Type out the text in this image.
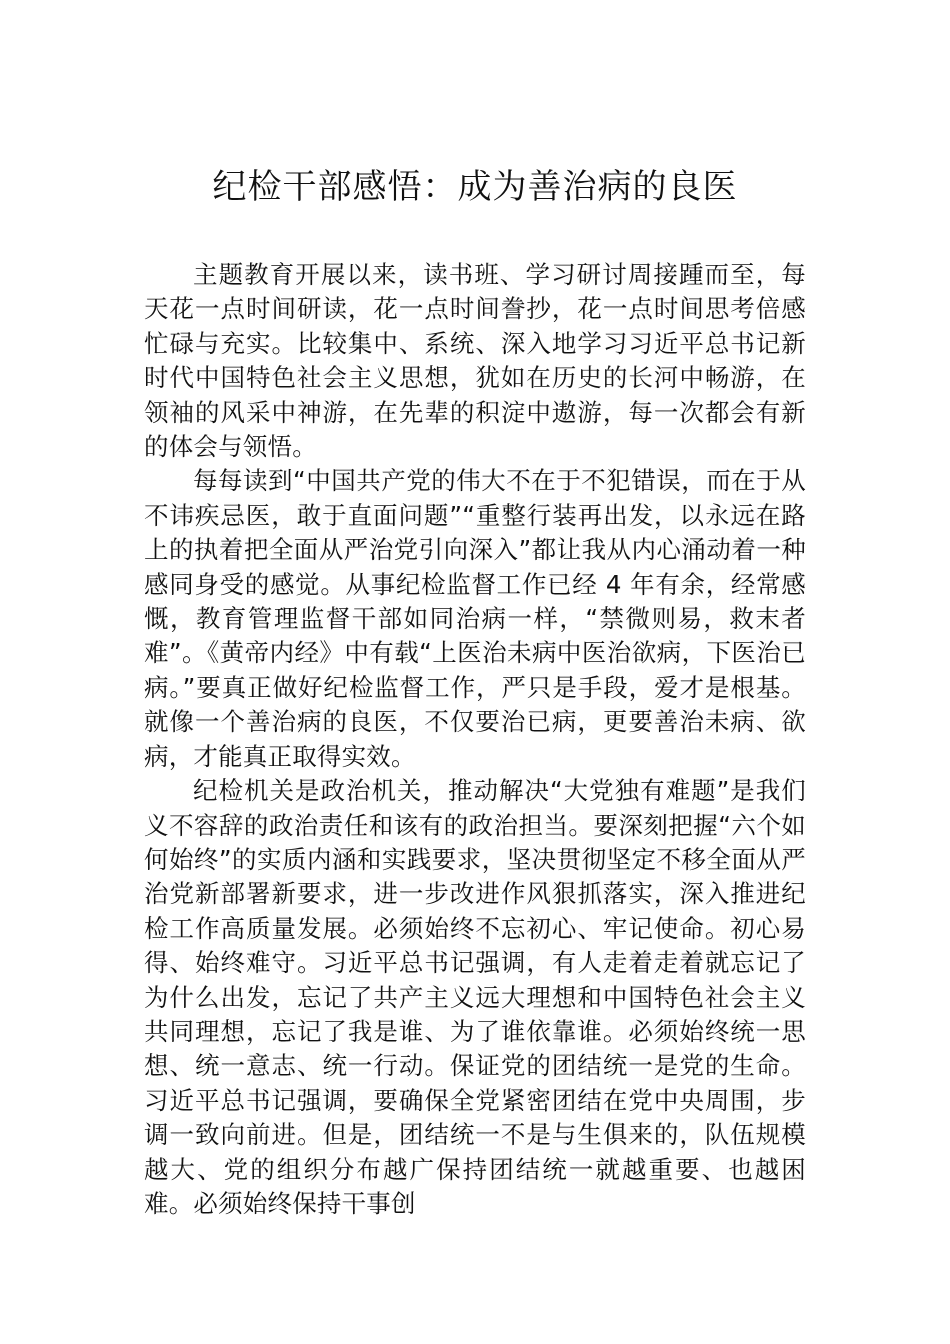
纪检干部感悟：成为善治病的良医

主题教育开展以来，读书班、学习研讨周接踵而至，每天花一点时间研读，花一点时间誊抄，花一点时间思考倍感忙碌与充实。比较集中、系统、深入地学习习近平总书记新时代中国特色社会主义思想，犹如在历史的长河中畅游，在领袖的风采中神游，在先辈的积淀中遨游，每一次都会有新的体会与领悟。

每每读到“中国共产党的伟大不在于不犯错误，而在于从不讳疾忌医，敢于直面问题”“重整行装再出发，以永远在路上的执着把全面从严治党引向深入”都让我从内心涌动着一种感同身受的感觉。从事纪检监督工作已经 4 年有余，经常感慨，教育管理监督干部如同治病一样，“禁微则易，救末者难”。《黄帝内经》中有载“上医治未病中医治欲病，下医治已病。”要真正做好纪检监督工作，严只是手段，爱才是根基。就像一个善治病的良医，不仅要治已病，更要善治未病、欲病，才能真正取得实效。

纪检机关是政治机关，推动解决“大党独有难题”是我们义不容辞的政治责任和该有的政治担当。要深刻把握“六个如何始终”的实质内涵和实践要求，坚决贯彻坚定不移全面从严治党新部署新要求，进一步改进作风狠抓落实，深入推进纪检工作高质量发展。必须始终不忘初心、牢记使命。初心易得、始终难守。习近平总书记强调，有人走着走着就忘记了为什么出发，忘记了共产主义远大理想和中国特色社会主义共同理想，忘记了我是谁、为了谁依靠谁。必须始终统一思想、统一意志、统一行动。保证党的团结统一是党的生命。习近平总书记强调，要确保全党紧密团结在党中央周围，步调一致向前进。但是，团结统一不是与生俱来的，队伍规模越大、党的组织分布越广保持团结统一就越重要、也越困难。必须始终保持干事创
